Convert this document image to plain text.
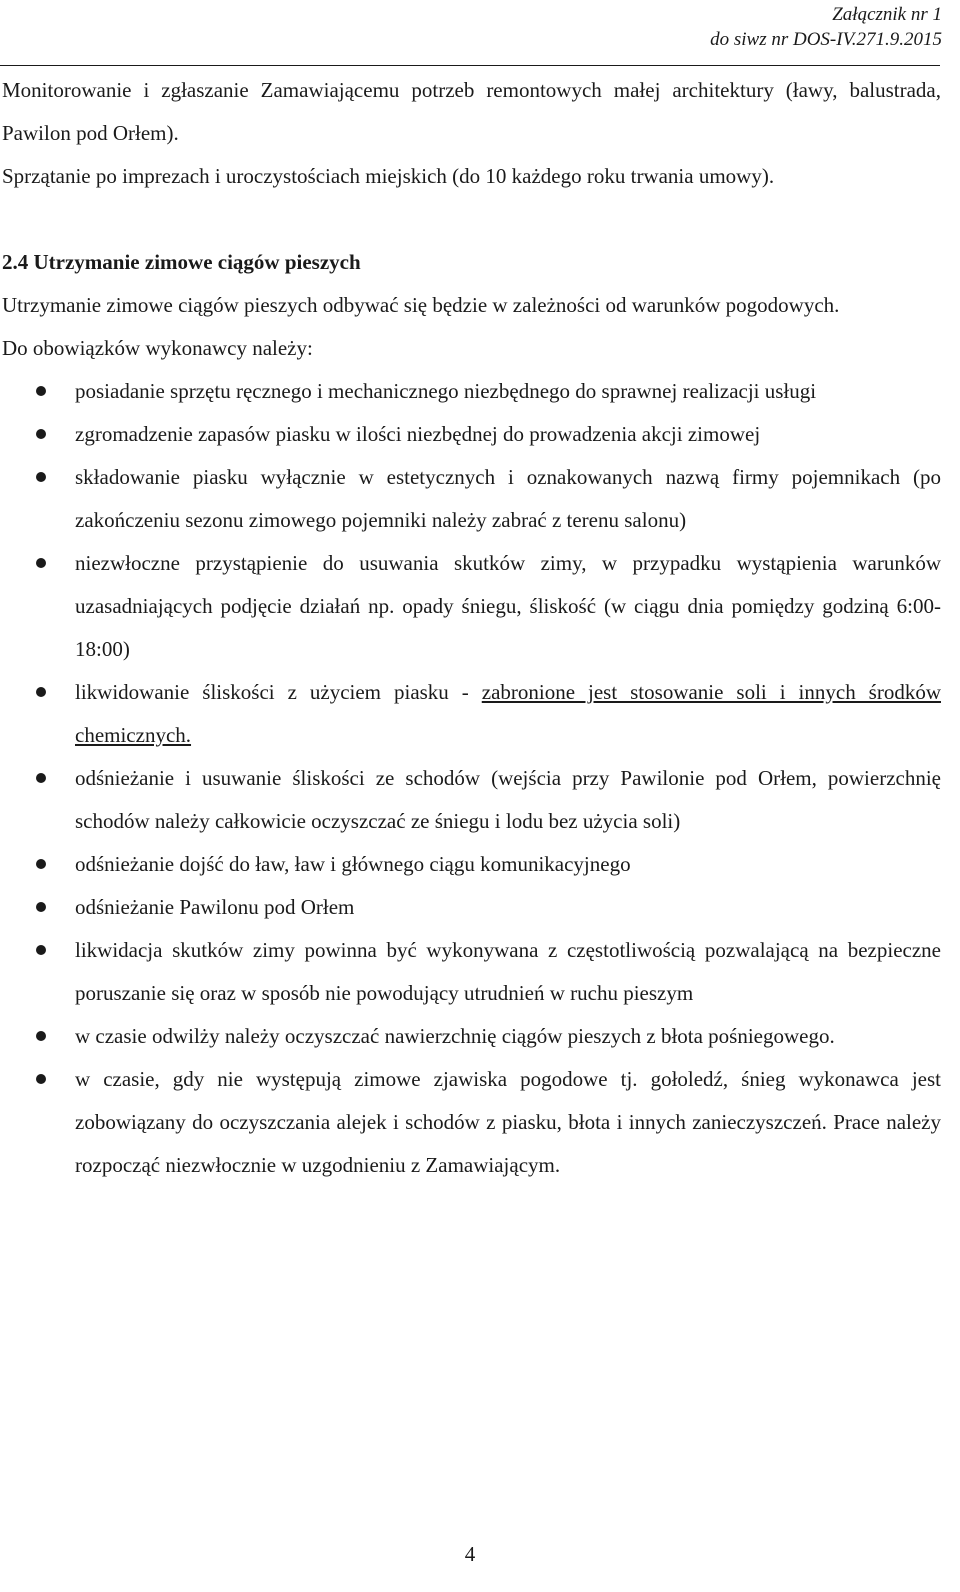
Załącznik nr 1
do siwz nr DOS-IV.271.9.2015

Monitorowanie i zgłaszanie Zamawiającemu potrzeb remontowych małej architektury (ławy, balustrada, Pawilon pod Orłem).

Sprzątanie po imprezach i uroczystościach miejskich (do 10 każdego roku trwania umowy).

2.4 Utrzymanie zimowe ciągów pieszych

Utrzymanie zimowe ciągów pieszych odbywać się będzie w zależności od warunków pogodowych.

Do obowiązków wykonawcy należy:

posiadanie sprzętu ręcznego i mechanicznego niezbędnego do sprawnej realizacji usługi
zgromadzenie zapasów piasku w ilości niezbędnej do prowadzenia akcji zimowej
składowanie piasku wyłącznie w estetycznych i oznakowanych nazwą firmy pojemnikach (po zakończeniu sezonu zimowego pojemniki należy zabrać z terenu salonu)
niezwłoczne przystąpienie do usuwania skutków zimy, w przypadku wystąpienia warunków uzasadniających podjęcie działań np. opady śniegu, śliskość (w ciągu dnia pomiędzy godziną 6:00-18:00)
likwidowanie śliskości z użyciem piasku - zabronione jest stosowanie soli i innych środków chemicznych.
odśnieżanie i usuwanie śliskości ze schodów (wejścia przy Pawilonie pod Orłem, powierzchnię schodów należy całkowicie oczyszczać ze śniegu i lodu bez użycia soli)
odśnieżanie dojść do ław, ław i głównego ciągu komunikacyjnego
odśnieżanie Pawilonu pod Orłem
likwidacja skutków zimy powinna być wykonywana z częstotliwością pozwalającą na bezpieczne poruszanie się oraz w sposób nie powodujący utrudnień w ruchu pieszym
w czasie odwilży należy oczyszczać nawierzchnię ciągów pieszych z błota pośniegowego.
w czasie, gdy nie występują zimowe zjawiska pogodowe tj. gołoledź, śnieg wykonawca jest zobowiązany do oczyszczania alejek i schodów z piasku, błota i innych zanieczyszczeń. Prace należy rozpocząć niezwłocznie w uzgodnieniu z Zamawiającym.
4
